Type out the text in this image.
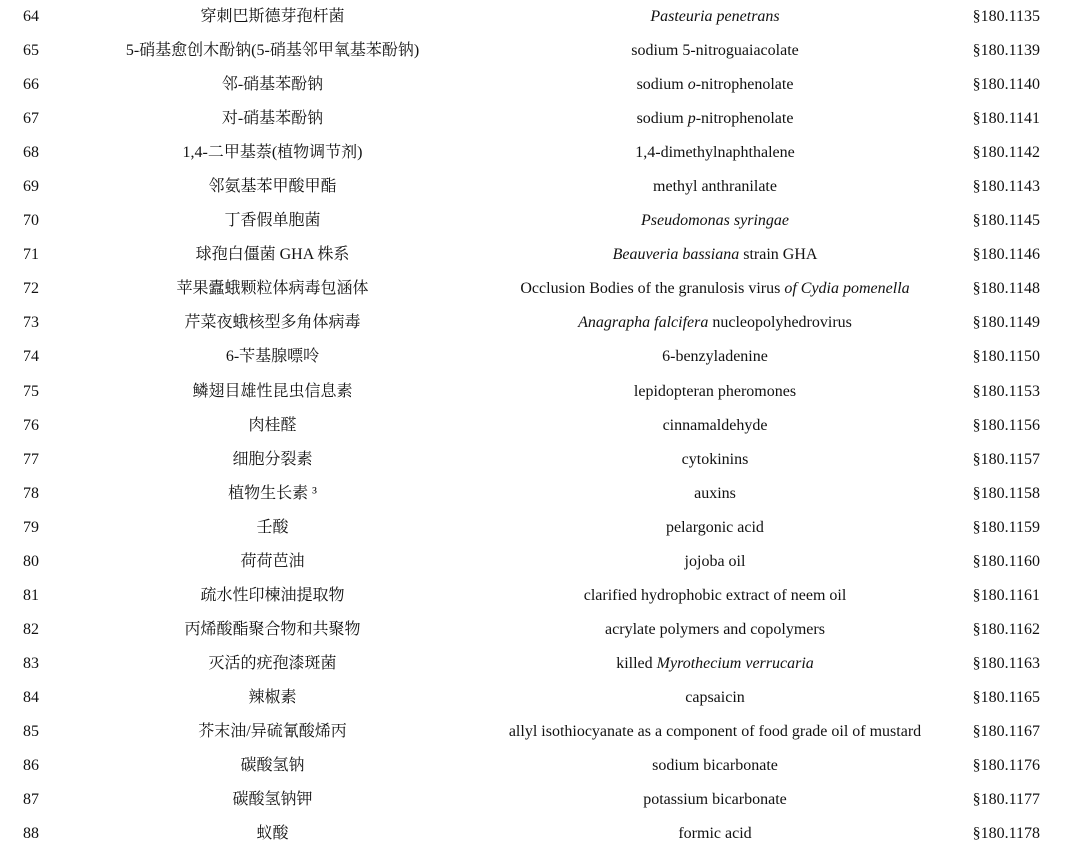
64	穿刺巴斯德芽孢杆菌	Pasteuria penetrans	§180.1135
65	5-硝基愈创木酚钠(5-硝基邻甲氧基苯酚钠)	sodium 5-nitroguaiacolate	§180.1139
66	邻-硝基苯酚钠	sodium o-nitrophenolate	§180.1140
67	对-硝基苯酚钠	sodium p-nitrophenolate	§180.1141
68	1,4-二甲基萘(植物调节剂)	1,4-dimethylnaphthalene	§180.1142
69	邻氨基苯甲酸甲酯	methyl anthranilate	§180.1143
70	丁香假单胞菌	Pseudomonas syringae	§180.1145
71	球孢白僵菌 GHA 株系	Beauveria bassiana strain GHA	§180.1146
72	苹果蠹蛾颗粒体病毒包涵体	Occlusion Bodies of the granulosis virus of Cydia pomenella	§180.1148
73	芹菜夜蛾核型多角体病毒	Anagrapha falcifera nucleopolyhedrovirus	§180.1149
74	6-苄基腺嘌呤	6-benzyladenine	§180.1150
75	鳞翅目雄性昆虫信息素	lepidopteran pheromones	§180.1153
76	肉桂醛	cinnamaldehyde	§180.1156
77	细胞分裂素	cytokinins	§180.1157
78	植物生长素 ³	auxins	§180.1158
79	壬酸	pelargonic acid	§180.1159
80	荷荷芭油	jojoba oil	§180.1160
81	疏水性印楝油提取物	clarified hydrophobic extract of neem oil	§180.1161
82	丙烯酸酯聚合物和共聚物	acrylate polymers and copolymers	§180.1162
83	灭活的疣孢漆斑菌	killed Myrothecium verrucaria	§180.1163
84	辣椒素	capsaicin	§180.1165
85	芥末油/异硫氰酸烯丙	allyl isothiocyanate as a component of food grade oil of mustard	§180.1167
86	碳酸氢钠	sodium bicarbonate	§180.1176
87	碳酸氢钠钾	potassium bicarbonate	§180.1177
88	蚁酸	formic acid	§180.1178
